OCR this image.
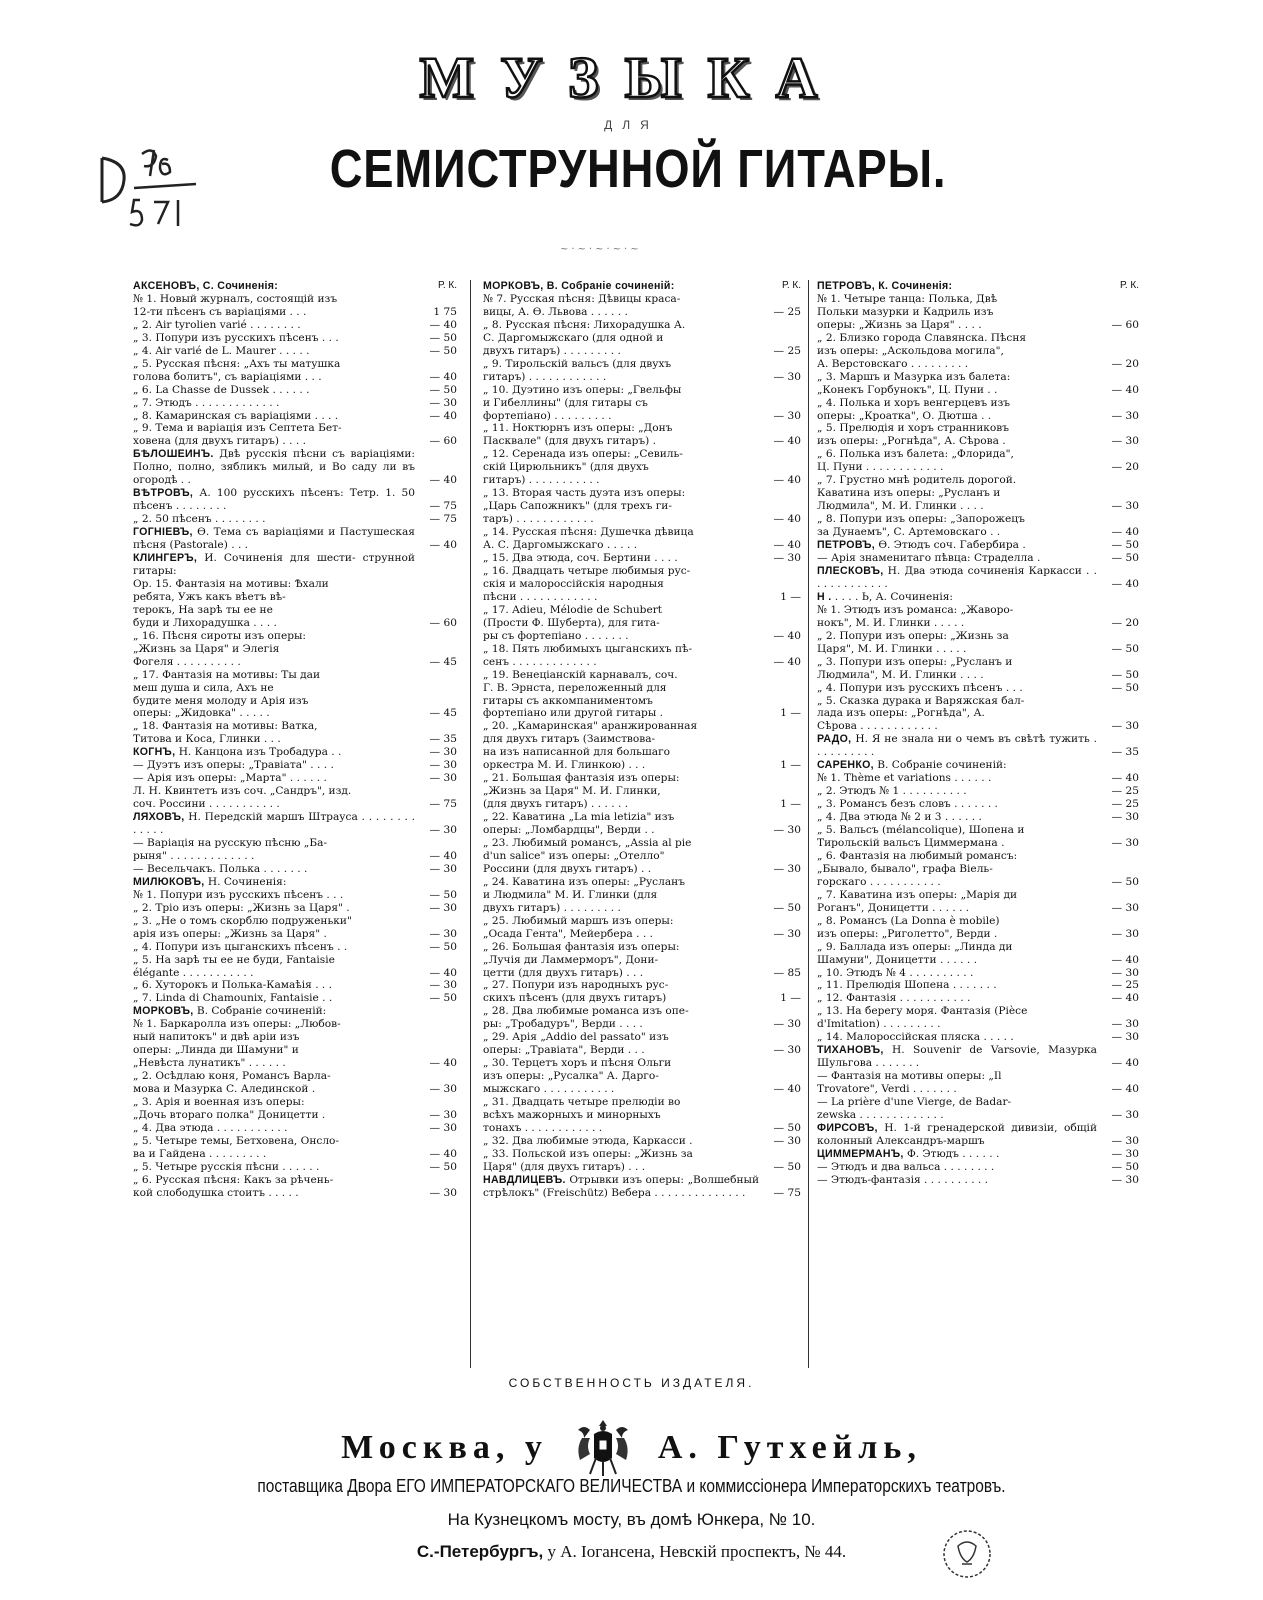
МУЗЫКА
ДЛЯ
СЕМИСТРУННОЙ ГИТАРЫ.
~·~·~·~·~
АКСЕНОВЪ, С. Сочиненія:	Р. К.
№ 1. Новый журналъ, состоящій изъ
12-ти пѣсенъ съ варіаціями . . .	1 75
„ 2. Air tyrolien varié . . . . . . . .	— 40
„ 3. Попури изъ русскихъ пѣсенъ . . .	— 50
„ 4. Air varié de L. Maurer . . . . .	— 50
„ 5. Русская пѣсня: „Ахъ ты матушка
голова болитъ", съ варіаціями . . .	— 40
„ 6. La Chasse de Dussek . . . . . .	— 50
„ 7. Этюдъ . . . . . . . . . . . . .	— 30
„ 8. Камаринская съ варіаціями . . . .	— 40
„ 9. Тема и варіація изъ Септета Бет-
ховена (для двухъ гитаръ) . . . .	— 60
БѢЛОШЕИНЪ. Двѣ русскія пѣсни съ варіаціями: Полно, полно, зябликъ милый, и Во саду ли въ огородѣ . .	— 40
ВѢТРОВЪ, А. 100 русскихъ пѣсенъ: Тетр. 1. 50 пѣсенъ . . . . . . . .	— 75
„ 2. 50 пѣсенъ . . . . . . . .	— 75
ГОГНІЕВЪ, Ѳ. Тема съ варіаціями и Пастушеская пѣсня (Pastorale) . . .	— 40
КЛИНГЕРЪ, И. Сочиненія для шести- струнной гитары:
Op. 15. Фантазія на мотивы: Ѣхали
ребята, Ужъ какъ вѣетъ вѣ-
терокъ, На зарѣ ты ее не
буди и Лихорадушка . . . .	— 60
„ 16. Пѣсня сироты изъ оперы:
„Жизнь за Царя" и Элегія
Фогеля . . . . . . . . . .	— 45
„ 17. Фантазія на мотивы: Ты даи
меш душа и сила, Ахъ не
будите меня молоду и Арія изъ
оперы: „Жидовка" . . . . .	— 45
„ 18. Фантазія на мотивы: Ватка,
Титова и Коса, Глинки . . .	— 35
КОГНЪ, Н. Канцона изъ Тробадура . .	— 30
— Дуэтъ изъ оперы: „Травіата" . . . .	— 30
— Арія изъ оперы: „Марта" . . . . . .	— 30
Л. Н. Квинтетъ изъ соч. „Сандръ", изд.
соч. Россини . . . . . . . . . . .	— 75
ЛЯХОВЪ, Н. Передскій маршъ Штрауса . . . . . . . . . . . . .	— 30
— Варіація на русскую пѣсню „Ба-
рыня" . . . . . . . . . . . . .	— 40
— Весельчакъ. Полька . . . . . . .	— 30
МИЛЮКОВЪ, Н. Сочиненія:
№ 1. Попури изъ русскихъ пѣсенъ . . .	— 50
„ 2. Тріо изъ оперы: „Жизнь за Царя" .	— 30
„ 3. „Не о томъ скорблю подруженьки"
арія изъ оперы: „Жизнь за Царя" .	— 30
„ 4. Попури изъ цыганскихъ пѣсенъ . .	— 50
„ 5. На зарѣ ты ее не буди, Fantaisie
élégante . . . . . . . . . . .	— 40
„ 6. Хуторокъ и Полька-Камаѣія . . .	— 30
„ 7. Linda di Chamounix, Fantaisie . .	— 50
МОРКОВЪ, В. Собраніе сочиненій:
№ 1. Баркаролла изъ оперы: „Любов-
ный напитокъ" и двѣ аріи изъ
оперы: „Линда ди Шамуни" и
„Невѣста лунатикъ" . . . . . .	— 40
„ 2. Осѣдлаю коня, Романсъ Варла-
мова и Мазурка С. Алединской .	— 30
„ 3. Арія и военная изъ оперы:
„Дочь втораго полка" Доницетти .	— 30
„ 4. Два этюда . . . . . . . . . . .	— 30
„ 5. Четыре темы, Бетховена, Онсло-
ва и Гайдена . . . . . . . . .	— 40
„ 5. Четыре русскія пѣсни . . . . . .	— 50
„ 6. Русская пѣсня: Какъ за рѣчень-
кой слободушка стоитъ . . . . .	— 30
МОРКОВЪ, В. Собраніе сочиненій:	Р. К.
№ 7. Русская пѣсня: Дѣвицы краса-
вицы, А. Ѳ. Львова . . . . . .	— 25
„ 8. Русская пѣсня: Лихорадушка А.
С. Даргомыжскаго (для одной и
двухъ гитаръ) . . . . . . . . .	— 25
„ 9. Тирольскій вальсъ (для двухъ
гитаръ) . . . . . . . . . . . .	— 30
„ 10. Дуэтино изъ оперы: „Гвельфы
и Гибеллины" (для гитары съ
фортепіано) . . . . . . . . .	— 30
„ 11. Ноктюрнъ изъ оперы: „Донъ
Пасквале" (для двухъ гитаръ) .	— 40
„ 12. Серенада изъ оперы: „Севиль-
скій Цирюльникъ" (для двухъ
гитаръ) . . . . . . . . . . .	— 40
„ 13. Вторая часть дуэта изъ оперы:
„Царь Сапожникъ" (для трехъ ги-
таръ) . . . . . . . . . . . .	— 40
„ 14. Русская пѣсня: Душечка дѣвица
А. С. Даргомыжскаго . . . . .	— 40
„ 15. Два этюда, соч. Бертини . . . .	— 30
„ 16. Двадцать четыре любимыя рус-
скія и малороссійскія народныя
пѣсни . . . . . . . . . . . .	1 —
„ 17. Adieu, Mélodie de Schubert
(Прости Ф. Шуберта), для гита-
ры съ фортепіано . . . . . . .	— 40
„ 18. Пять любимыхъ цыганскихъ пѣ-
сенъ . . . . . . . . . . . . .	— 40
„ 19. Венеціанскій карнавалъ, соч.
Г. В. Эрнста, переложенный для
гитары съ аккомпаниментомъ
фортепіано или другой гитары .	1 —
„ 20. „Камаринская" аранжированная
для двухъ гитаръ (Заимствова-
на изъ написанной для большаго
оркестра М. И. Глинкою) . . .	1 —
„ 21. Большая фантазія изъ оперы:
„Жизнь за Царя" М. И. Глинки,
(для двухъ гитаръ) . . . . . .	1 —
„ 22. Каватина „La mia letizia" изъ
оперы: „Ломбардцы", Верди . .	— 30
„ 23. Любимый романсъ, „Assia al pie
d'un salice" изъ оперы: „Отелло"
Россини (для двухъ гитаръ) . .	— 30
„ 24. Каватина изъ оперы: „Русланъ
и Людмила" М. И. Глинки (для
двухъ гитаръ) . . . . . . . . .	— 50
„ 25. Любимый маршъ изъ оперы:
„Осада Гента", Мейербера . . .	— 30
„ 26. Большая фантазія изъ оперы:
„Лучія ди Ламмерморъ", Дони-
цетти (для двухъ гитаръ) . . .	— 85
„ 27. Попури изъ народныхъ рус-
скихъ пѣсенъ (для двухъ гитаръ)	1 —
„ 28. Два любимые романса изъ опе-
ры: „Тробадуръ", Верди . . . .	— 30
„ 29. Арія „Addio del passato" изъ
оперы: „Травіата", Верди . . .	— 30
„ 30. Терцетъ хоръ и пѣсня Ольги
изъ оперы: „Русалка" А. Даргo-
мыжскаго . . . . . . . . . . .	— 40
„ 31. Двадцать четыре прелюдіи во
всѣхъ мажорныхъ и минорныхъ
тонахъ . . . . . . . . . . . .	— 50
„ 32. Два любимые этюда, Каркасси .	— 30
„ 33. Польской изъ оперы: „Жизнь за
Царя" (для двухъ гитаръ) . . .	— 50
НАВДЛИЦЕВЪ. Отрывки изъ оперы: „Волшебный стрѣлокъ" (Freischütz) Вебера . . . . . . . . . . . . . .	— 75
ПЕТРОВЪ, К. Сочиненія:	Р. К.
№ 1. Четыре танца: Полька, Двѣ
Польки мазурки и Кадриль изъ
оперы: „Жизнь за Царя" . . . .	— 60
„ 2. Близко города Славянска. Пѣсня
изъ оперы: „Аскольдова могила",
А. Верстовскаго . . . . . . . . .	— 20
„ 3. Маршъ и Мазурка изъ балета:
„Конекъ Горбунокъ", Ц. Пуни . .	— 40
„ 4. Полька и хоръ венгерцевъ изъ
оперы: „Кроатка", О. Дютша . .	— 30
„ 5. Прелюдія и хоръ странниковъ
изъ оперы: „Рогнѣда", А. Сѣрова .	— 30
„ 6. Полька изъ балета: „Флорида",
Ц. Пуни . . . . . . . . . . . .	— 20
„ 7. Грустно мнѣ родитель дорогой.
Каватина изъ оперы: „Русланъ и
Людмила", М. И. Глинки . . . .	— 30
„ 8. Попури изъ оперы: „Запорожецъ
за Дунаемъ", С. Артемовскаго . .	— 40
ПЕТРОВЪ, Ѳ. Этюдъ соч. Габербира .	— 50
— Арія знаменитаго пѣвца: Страделла .	— 50
ПЛЕСКОВЪ, Н. Два этюда сочиненія Каркасси . . . . . . . . . . . . .	— 40
Н . . . . . Ь, А. Сочиненія:
№ 1. Этюдъ изъ романса: „Жаворо-
нокъ", М. И. Глинки . . . . .	— 20
„ 2. Попури изъ оперы: „Жизнь за
Царя", М. И. Глинки . . . . .	— 50
„ 3. Попури изъ оперы: „Русланъ и
Людмила", М. И. Глинки . . . .	— 50
„ 4. Попури изъ русскихъ пѣсенъ . . .	— 50
„ 5. Сказка дурака и Варяжская бал-
лада изъ оперы: „Рогнѣда", А.
Сѣрова . . . . . . . . . . . .	— 30
РАДО, Н. Я не знала ни о чемъ въ свѣтѣ тужить . . . . . . . . . .	— 35
САРЕНКО, В. Собраніе сочиненій:
№ 1. Thème et variations . . . . . .	— 40
„ 2. Этюдъ № 1 . . . . . . . . . .	— 25
„ 3. Романсъ безъ словъ . . . . . . .	— 25
„ 4. Два этюда № 2 и 3 . . . . . .	— 30
„ 5. Вальсъ (mélancolique), Шопена и
Тирольскій вальсъ Циммермана .	— 30
„ 6. Фантазія на любимый романсъ:
„Бывало, бывало", графа Віель-
горскаго . . . . . . . . . . .	— 50
„ 7. Каватина изъ оперы: „Марія ди
Роганъ", Доницетти . . . . . .	— 30
„ 8. Романсъ (La Donna è mobile)
изъ оперы: „Риголетто", Верди .	— 30
„ 9. Баллада изъ оперы: „Линда ди
Шамуни", Доницетти . . . . . .	— 40
„ 10. Этюдъ № 4 . . . . . . . . . .	— 30
„ 11. Прелюдія Шопена . . . . . . .	— 25
„ 12. Фантазія . . . . . . . . . . .	— 40
„ 13. На берегу моря. Фантазія (Pièce
d'Imitation) . . . . . . . . .	— 30
„ 14. Малороссійская пляска . . . . .	— 30
ТИХАНОВЪ, Н. Souvenir de Varsovie, Мазурка Шульгова . . . . . . .	— 40
— Фантазія на мотивы оперы: „Il
Trovatore", Verdi . . . . . . .	— 40
— La prière d'une Vierge, de Badar-
zewska . . . . . . . . . . . . .	— 30
ФИРСОВЪ, Н. 1-й гренадерской дивизіи, общій колонный Александръ-маршъ	— 30
ЦИММЕРМАНЪ, Ф. Этюдъ . . . . . .	— 30
— Этюдъ и два вальса . . . . . . . .	— 50
— Этюдъ-фантазія . . . . . . . . . .	— 30
СОБСТВЕННОСТЬ ИЗДАТЕЛЯ.
Москва, у	А. Гутхейль,
поставщика Двора ЕГО ИМПЕРАТОРСКАГО ВЕЛИЧЕСТВА и коммиссіонера Императорскихъ театровъ.
На Кузнецкомъ мосту, въ домѣ Юнкера, № 10.
С.-Петербургъ, у А. Іогансена, Невскій проспектъ, № 44.
